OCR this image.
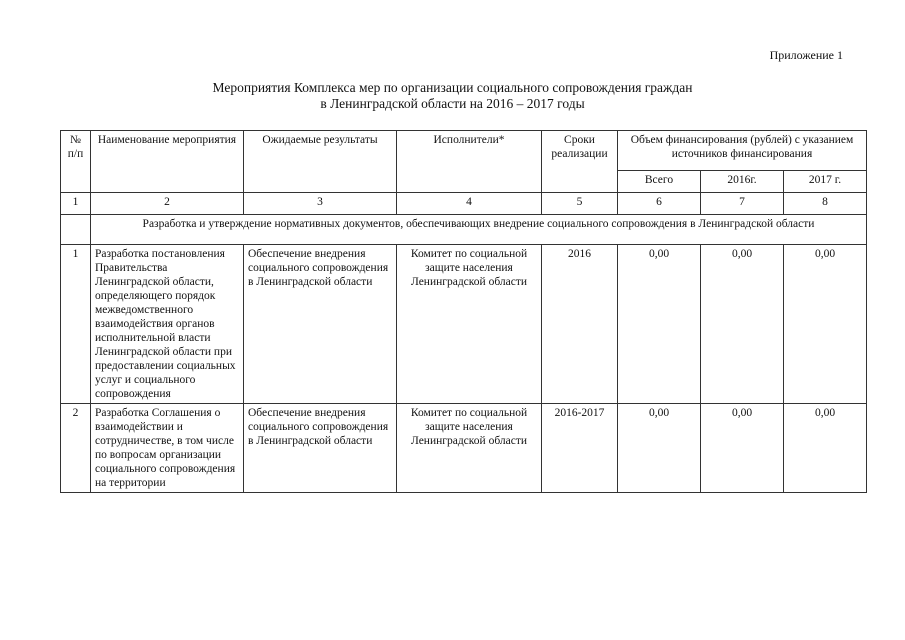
Приложение 1
Мероприятия Комплекса мер по организации социального сопровождения граждан
в Ленинградской области на 2016 – 2017 годы
№ п/п	Наименование мероприятия	Ожидаемые результаты	Исполнители*	Сроки реализации	Объем финансирования (рублей) с указанием источников финансирования		
					Всего	2016г.	2017 г.
1	2	3	4	5	6	7	8
	Разработка и утверждение нормативных документов, обеспечивающих внедрение социального сопровождения в Ленинградской области						
1	Разработка постановления Правительства Ленинградской области, определяющего порядок межведомственного взаимодействия органов исполнительной власти Ленинградской области при предоставлении социальных услуг и социального сопровождения	Обеспечение внедрения социального сопровождения в Ленинградской области	Комитет по социальной защите населения Ленинградской области	2016	0,00	0,00	0,00
2	Разработка Соглашения о взаимодействии и сотрудничестве, в том числе по вопросам организации социального сопровождения на территории	Обеспечение внедрения социального сопровождения в Ленинградской области	Комитет по социальной защите населения Ленинградской области	2016-2017	0,00	0,00	0,00
